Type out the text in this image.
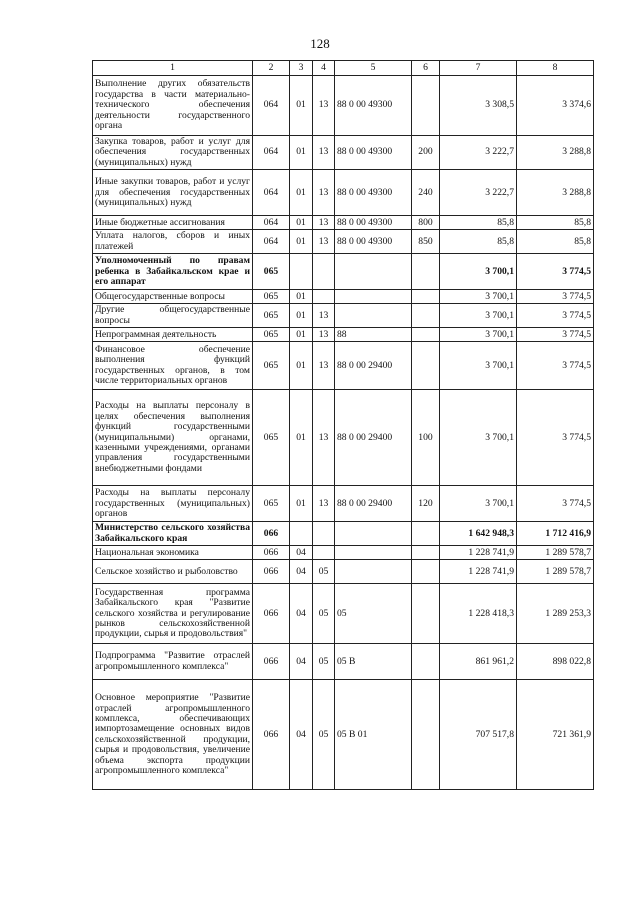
128
1	2	3	4	5	6	7	8
Выполнение других обязательств государства в части материально-технического обеспечения деятельности государственного органа	064	01	13	88 0 00 49300		3 308,5	3 374,6
Закупка товаров, работ и услуг для обеспечения государственных (муниципальных) нужд	064	01	13	88 0 00 49300	200	3 222,7	3 288,8
Иные закупки товаров, работ и услуг для обеспечения государственных (муниципальных) нужд	064	01	13	88 0 00 49300	240	3 222,7	3 288,8
Иные бюджетные ассигнования	064	01	13	88 0 00 49300	800	85,8	85,8
Уплата налогов, сборов и иных платежей	064	01	13	88 0 00 49300	850	85,8	85,8
Уполномоченный по правам ребенка в Забайкальском крае и его аппарат	065					3 700,1	3 774,5
Общегосударственные вопросы	065	01				3 700,1	3 774,5
Другие общегосударственные вопросы	065	01	13			3 700,1	3 774,5
Непрограммная деятельность	065	01	13	88		3 700,1	3 774,5
Финансовое обеспечение выполнения функций государственных органов, в том числе территориальных органов	065	01	13	88 0 00 29400		3 700,1	3 774,5
Расходы на выплаты персоналу в целях обеспечения выполнения функций государственными (муниципальными) органами, казенными учреждениями, органами управления государственными внебюджетными фондами	065	01	13	88 0 00 29400	100	3 700,1	3 774,5
Расходы на выплаты персоналу государственных (муниципальных) органов	065	01	13	88 0 00 29400	120	3 700,1	3 774,5
Министерство сельского хозяйства Забайкальского края	066					1 642 948,3	1 712 416,9
Национальная экономика	066	04				1 228 741,9	1 289 578,7
Сельское хозяйство и рыболовство	066	04	05			1 228 741,9	1 289 578,7
Государственная программа Забайкальского края "Развитие сельского хозяйства и регулирование рынков сельскохозяйственной продукции, сырья и продовольствия"	066	04	05	05		1 228 418,3	1 289 253,3
Подпрограмма "Развитие отраслей агропромышленного комплекса"	066	04	05	05 В		861 961,2	898 022,8
Основное мероприятие "Развитие отраслей агропромышленного комплекса, обеспечивающих импортозамещение основных видов сельскохозяйственной продукции, сырья и продовольствия, увеличение объема экспорта продукции агропромышленного комплекса"	066	04	05	05 В 01		707 517,8	721 361,9
